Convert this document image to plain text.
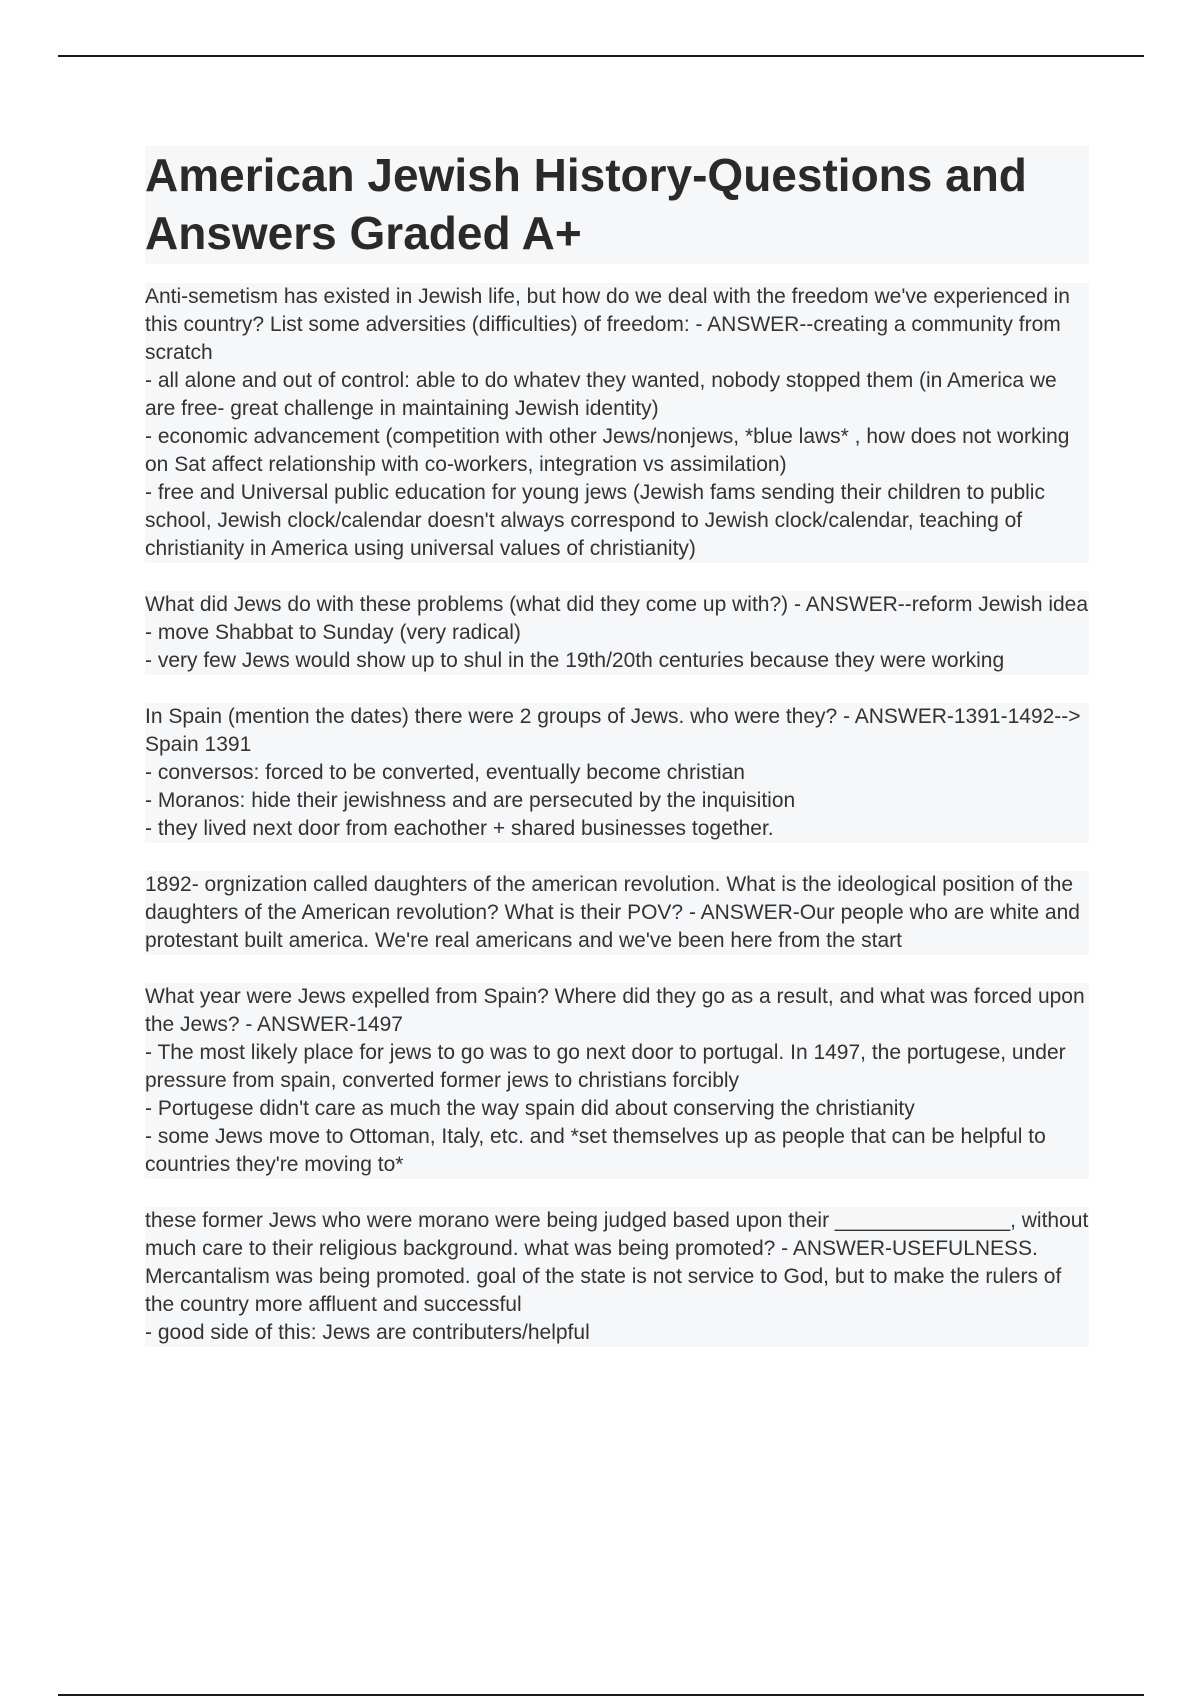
American Jewish History-Questions and Answers Graded A+

Anti-semetism has existed in Jewish life, but how do we deal with the freedom we've experienced in this country? List some adversities (difficulties) of freedom: - ANSWER--creating a community from scratch

- all alone and out of control: able to do whatev they wanted, nobody stopped them (in America we are free- great challenge in maintaining Jewish identity)

- economic advancement (competition with other Jews/nonjews, *blue laws* , how does not working on Sat affect relationship with co-workers, integration vs assimilation)

- free and Universal public education for young jews (Jewish fams sending their children to public school, Jewish clock/calendar doesn't always correspond to Jewish clock/calendar, teaching of christianity in America using universal values of christianity)

What did Jews do with these problems (what did they come up with?) - ANSWER--reform Jewish idea - move Shabbat to Sunday (very radical)

- very few Jews would show up to shul in the 19th/20th centuries because they were working

In Spain (mention the dates) there were 2 groups of Jews. who were they? - ANSWER-1391-1492--> Spain 1391

- conversos: forced to be converted, eventually become christian

- Moranos: hide their jewishness and are persecuted by the inquisition

- they lived next door from eachother + shared businesses together.

1892- orgnization called daughters of the american revolution. What is the ideological position of the daughters of the American revolution? What is their POV? - ANSWER-Our people who are white and protestant built america. We're real americans and we've been here from the start

What year were Jews expelled from Spain? Where did they go as a result, and what was forced upon the Jews? - ANSWER-1497

- The most likely place for jews to go was to go next door to portugal. In 1497, the portugese, under pressure from spain, converted former jews to christians forcibly

- Portugese didn't care as much the way spain did about conserving the christianity

- some Jews move to Ottoman, Italy, etc. and *set themselves up as people that can be helpful to countries they're moving to*

these former Jews who were morano were being judged based upon their _______________, without much care to their religious background. what was being promoted? - ANSWER-USEFULNESS.

Mercantalism was being promoted. goal of the state is not service to God, but to make the rulers of the country more affluent and successful

- good side of this: Jews are contributers/helpful
